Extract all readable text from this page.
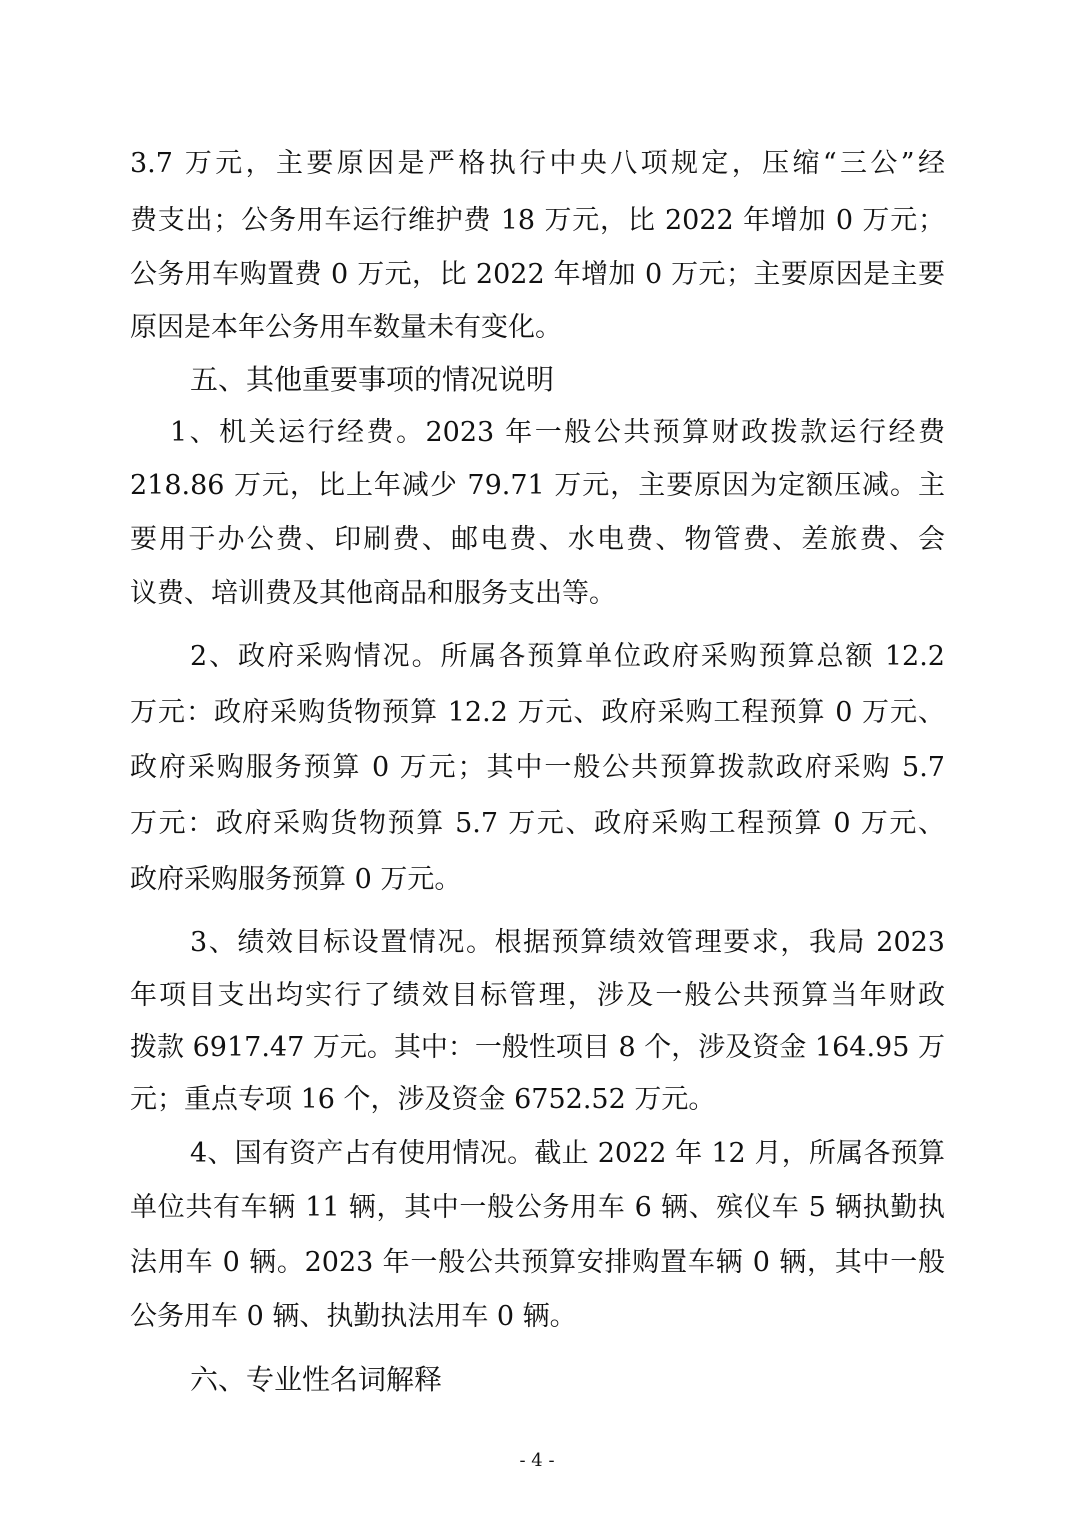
3.7 万元，主要原因是严格执行中央八项规定，压缩“三公”经
费支出；公务用车运行维护费 18 万元，比 2022 年增加 0 万元；
公务用车购置费 0 万元，比 2022 年增加 0 万元；主要原因是主要
原因是本年公务用车数量未有变化。
五、其他重要事项的情况说明
1、机关运行经费。2023 年一般公共预算财政拨款运行经费
218.86 万元，比上年减少 79.71 万元，主要原因为定额压减。主
要用于办公费、印刷费、邮电费、水电费、物管费、差旅费、会
议费、培训费及其他商品和服务支出等。
2、政府采购情况。所属各预算单位政府采购预算总额 12.2
万元：政府采购货物预算 12.2 万元、政府采购工程预算 0 万元、
政府采购服务预算 0 万元；其中一般公共预算拨款政府采购 5.7
万元：政府采购货物预算 5.7 万元、政府采购工程预算 0 万元、
政府采购服务预算 0 万元。
3、绩效目标设置情况。根据预算绩效管理要求，我局 2023
年项目支出均实行了绩效目标管理，涉及一般公共预算当年财政
拨款 6917.47 万元。其中：一般性项目 8 个，涉及资金 164.95 万
元；重点专项 16 个，涉及资金 6752.52 万元。
4、国有资产占有使用情况。截止 2022 年 12 月，所属各预算
单位共有车辆 11 辆，其中一般公务用车 6 辆、殡仪车 5 辆执勤执
法用车 0 辆。2023 年一般公共预算安排购置车辆 0 辆，其中一般
公务用车 0 辆、执勤执法用车 0 辆。
六、专业性名词解释
- 4 -
